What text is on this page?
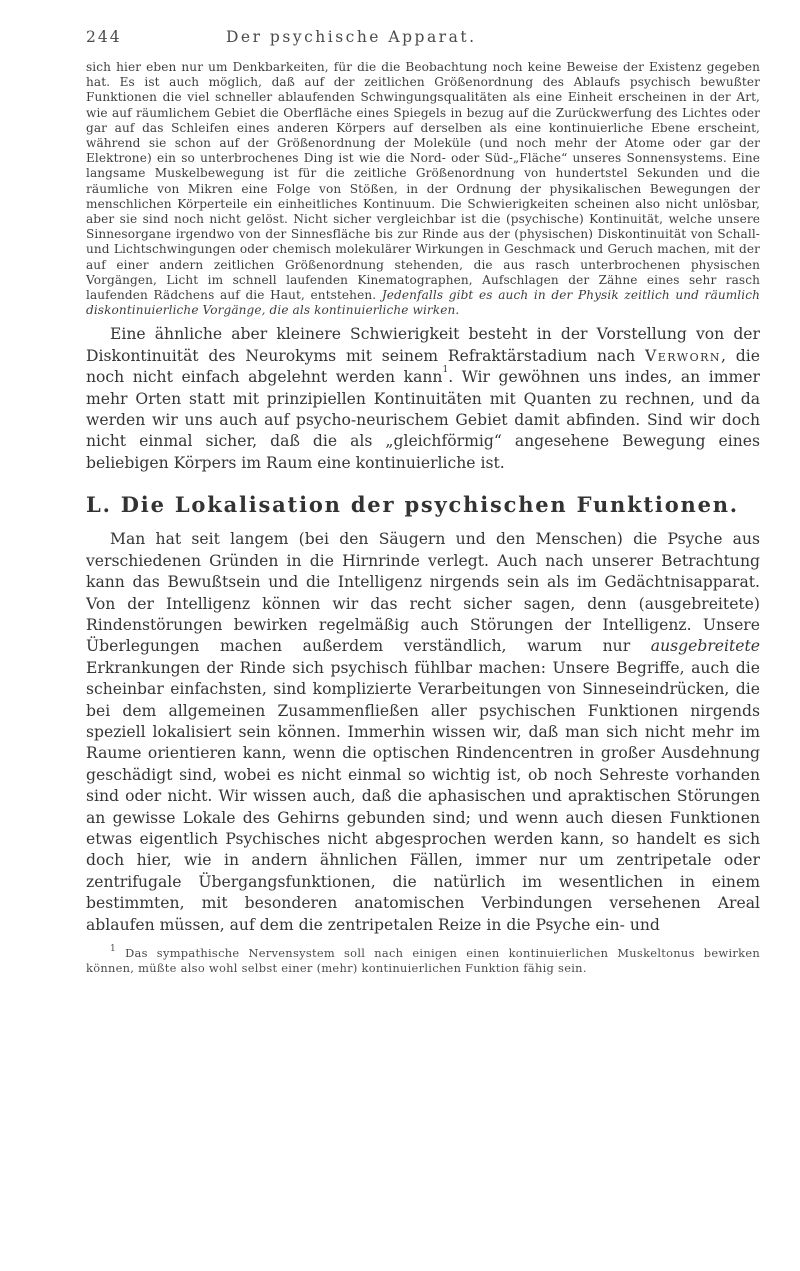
244	Der psychische Apparat.

sich hier eben nur um Denkbarkeiten, für die die Beobachtung noch keine Beweise der Existenz gegeben hat. Es ist auch möglich, daß auf der zeitlichen Größenordnung des Ablaufs psychisch bewußter Funktionen die viel schneller ablaufenden Schwingungsqualitäten als eine Einheit erscheinen in der Art, wie auf räumlichem Gebiet die Oberfläche eines Spiegels in bezug auf die Zurückwerfung des Lichtes oder gar auf das Schleifen eines anderen Körpers auf derselben als eine kontinuierliche Ebene erscheint, während sie schon auf der Größenordnung der Moleküle (und noch mehr der Atome oder gar der Elektrone) ein so unterbrochenes Ding ist wie die Nord- oder Süd-„Fläche“ unseres Sonnensystems. Eine langsame Muskelbewegung ist für die zeitliche Größenordnung von hundertstel Sekunden und die räumliche von Mikren eine Folge von Stößen, in der Ordnung der physikalischen Bewegungen der menschlichen Körperteile ein einheitliches Kontinuum. Die Schwierigkeiten scheinen also nicht unlösbar, aber sie sind noch nicht gelöst. Nicht sicher vergleichbar ist die (psychische) Kontinuität, welche unsere Sinnesorgane irgendwo von der Sinnesfläche bis zur Rinde aus der (physischen) Diskontinuität von Schall- und Lichtschwingungen oder chemisch molekulärer Wirkungen in Geschmack und Geruch machen, mit der auf einer andern zeitlichen Größenordnung stehenden, die aus rasch unterbrochenen physischen Vorgängen, Licht im schnell laufenden Kinematographen, Aufschlagen der Zähne eines sehr rasch laufenden Rädchens auf die Haut, entstehen. Jedenfalls gibt es auch in der Physik zeitlich und räumlich diskontinuierliche Vorgänge, die als kontinuierliche wirken.

Eine ähnliche aber kleinere Schwierigkeit besteht in der Vorstellung von der Diskontinuität des Neurokyms mit seinem Refraktärstadium nach Verworn, die noch nicht einfach abgelehnt werden kann$^1$. Wir gewöhnen uns indes, an immer mehr Orten statt mit prinzipiellen Kontinuitäten mit Quanten zu rechnen, und da werden wir uns auch auf psycho-neurischem Gebiet damit abfinden. Sind wir doch nicht einmal sicher, daß die als „gleichförmig“ angesehene Bewegung eines beliebigen Körpers im Raum eine kontinuierliche ist.

L. Die Lokalisation der psychischen Funktionen.

Man hat seit langem (bei den Säugern und den Menschen) die Psyche aus verschiedenen Gründen in die Hirnrinde verlegt. Auch nach unserer Betrachtung kann das Bewußtsein und die Intelligenz nirgends sein als im Gedächtnisapparat. Von der Intelligenz können wir das recht sicher sagen, denn (ausgebreitete) Rindenstörungen bewirken regelmäßig auch Störungen der Intelligenz. Unsere Überlegungen machen außerdem verständlich, warum nur ausgebreitete Erkrankungen der Rinde sich psychisch fühlbar machen: Unsere Begriffe, auch die scheinbar einfachsten, sind komplizierte Verarbeitungen von Sinneseindrücken, die bei dem allgemeinen Zusammenfließen aller psychischen Funktionen nirgends speziell lokalisiert sein können. Immerhin wissen wir, daß man sich nicht mehr im Raume orientieren kann, wenn die optischen Rindencentren in großer Ausdehnung geschädigt sind, wobei es nicht einmal so wichtig ist, ob noch Sehreste vorhanden sind oder nicht. Wir wissen auch, daß die aphasischen und apraktischen Störungen an gewisse Lokale des Gehirns gebunden sind; und wenn auch diesen Funktionen etwas eigentlich Psychisches nicht abgesprochen werden kann, so handelt es sich doch hier, wie in andern ähnlichen Fällen, immer nur um zentripetale oder zentrifugale Übergangsfunktionen, die natürlich im wesentlichen in einem bestimmten, mit besonderen anatomischen Verbindungen versehenen Areal ablaufen müssen, auf dem die zentripetalen Reize in die Psyche ein- und

$^1$ Das sympathische Nervensystem soll nach einigen einen kontinuierlichen Muskeltonus bewirken können, müßte also wohl selbst einer (mehr) kontinuierlichen Funktion fähig sein.
